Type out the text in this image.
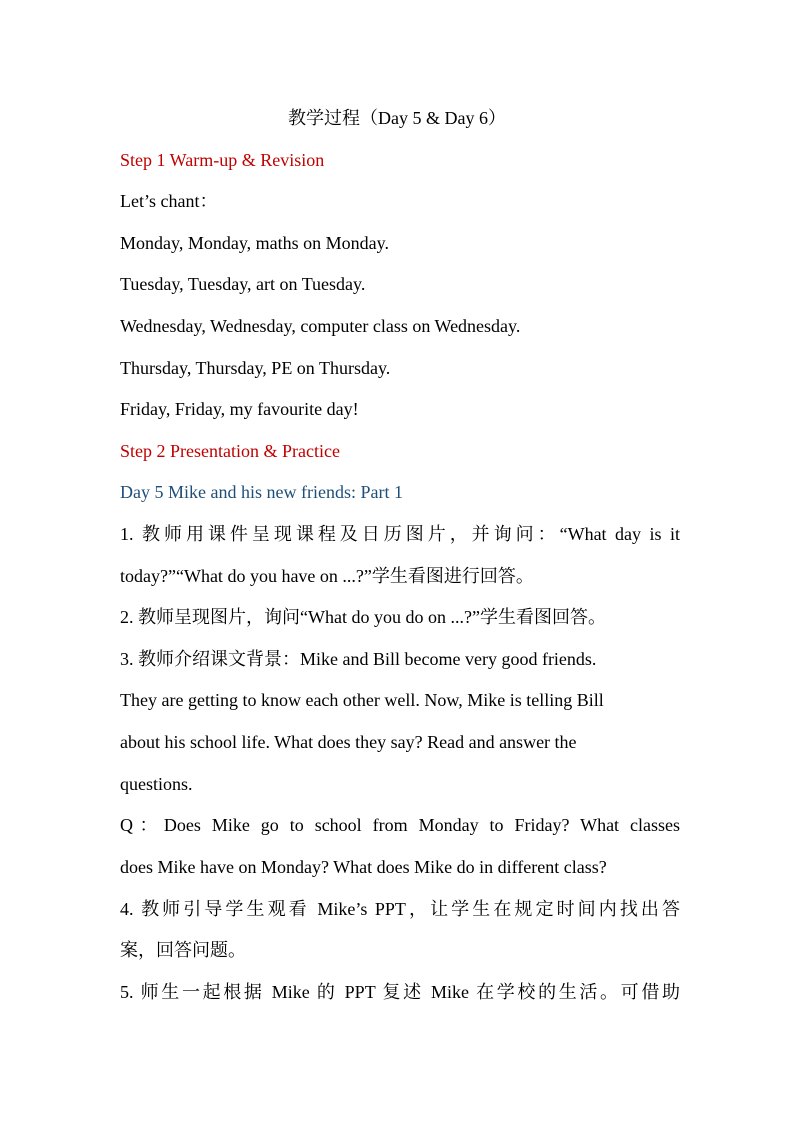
教学过程（Day 5 & Day 6）
Step 1 Warm-up & Revision
Let’s chant：
Monday, Monday, maths on Monday.
Tuesday, Tuesday, art on Tuesday.
Wednesday, Wednesday, computer class on Wednesday.
Thursday, Thursday, PE on Thursday.
Friday, Friday, my favourite day!
Step 2 Presentation & Practice
Day 5 Mike and his new friends: Part 1
1. 教师用课件呈现课程及日历图片，并询问：“What day is it
today?”“What do you have on ...?”学生看图进行回答。
2. 教师呈现图片，询问“What do you do on ...?”学生看图回答。
3. 教师介绍课文背景：Mike and Bill become very good friends.
They are getting to know each other well. Now, Mike is telling Bill
about his school life. What does they say? Read and answer the
questions.
Q：Does Mike go to school from Monday to Friday? What classes
does Mike have on Monday? What does Mike do in different class?
4. 教师引导学生观看 Mike’s PPT，让学生在规定时间内找出答
案，回答问题。
5. 师生一起根据 Mike 的 PPT 复述 Mike 在学校的生活。可借助
